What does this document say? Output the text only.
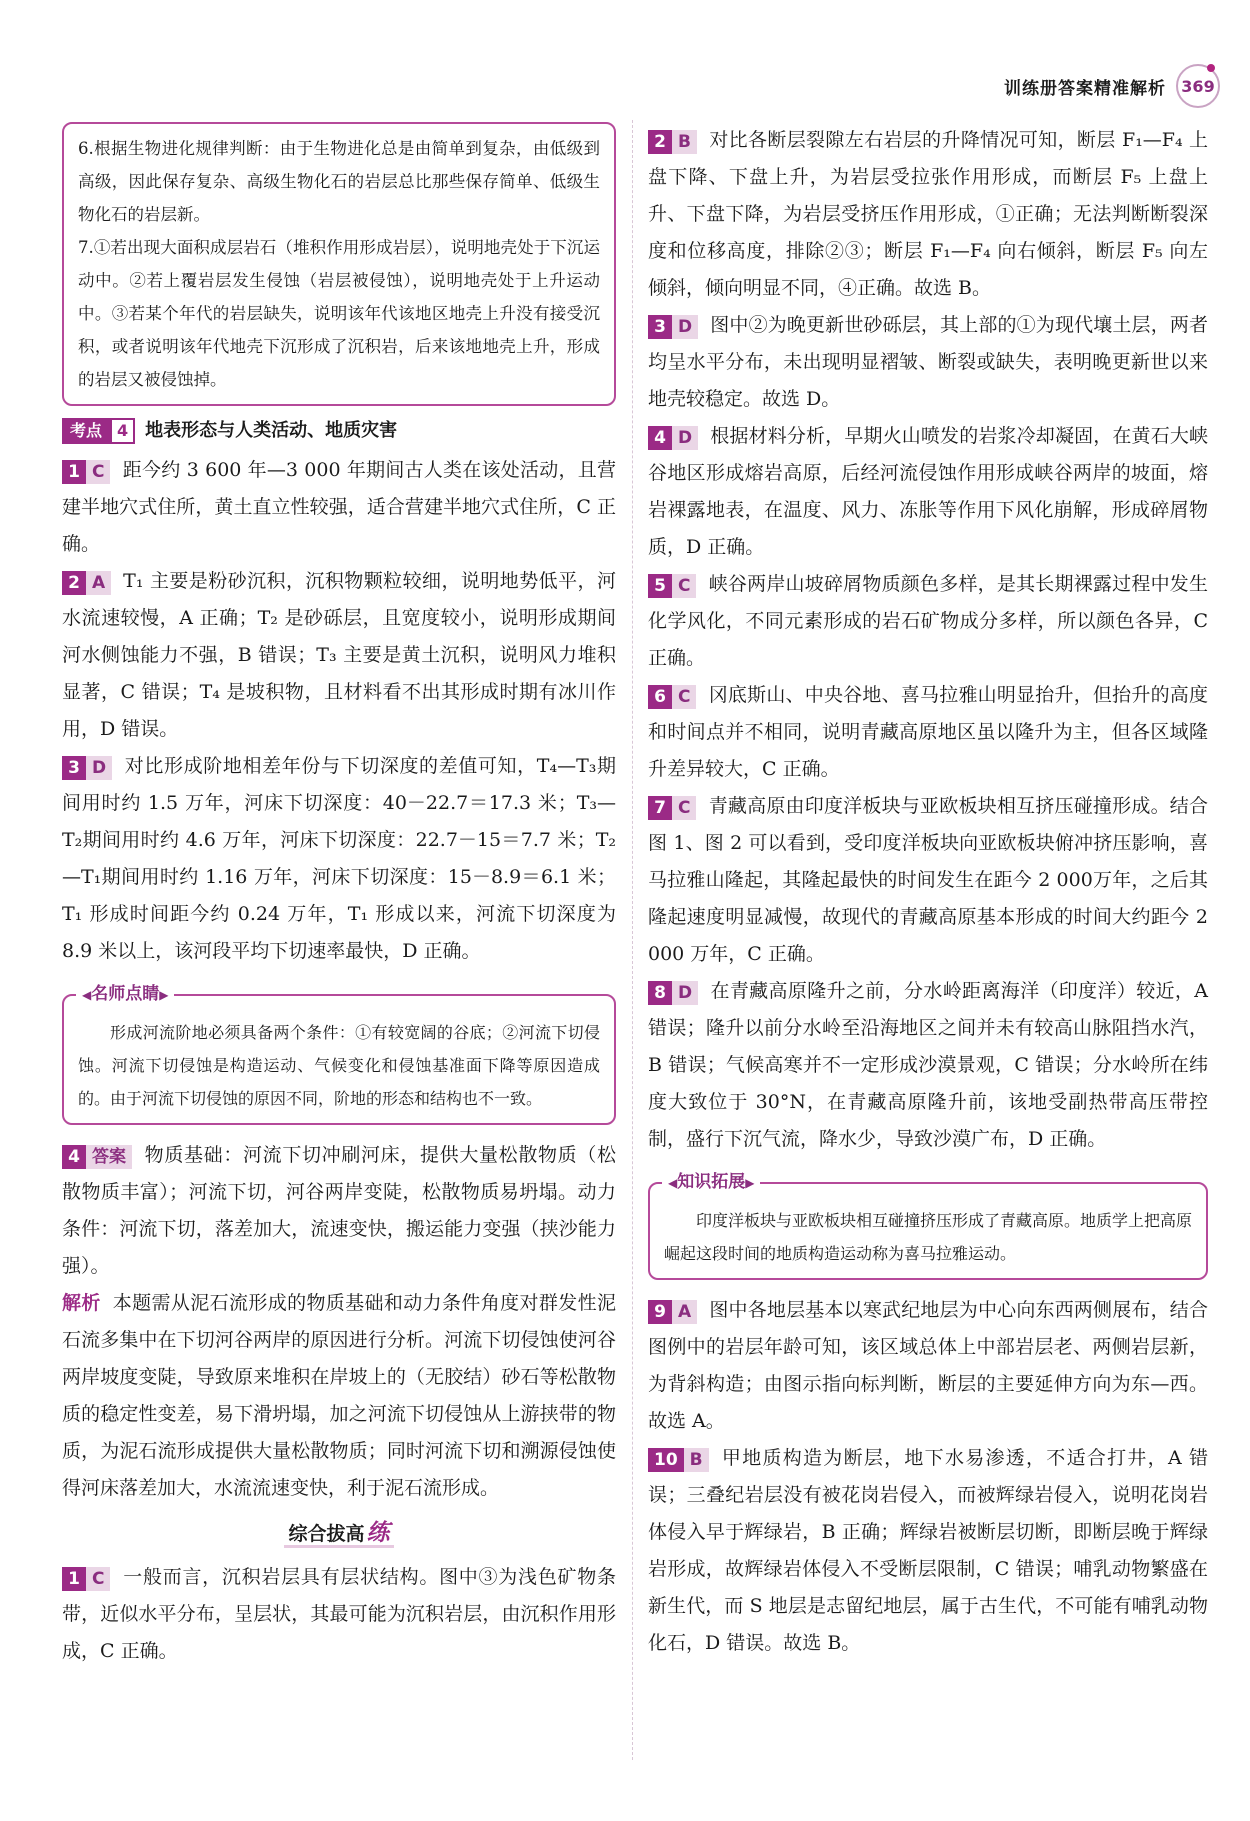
训练册答案精准解析 369

6.根据生物进化规律判断：由于生物进化总是由简单到复杂，由低级到高级，因此保存复杂、高级生物化石的岩层总比那些保存简单、低级生物化石的岩层新。

7.①若出现大面积成层岩石（堆积作用形成岩层），说明地壳处于下沉运动中。②若上覆岩层发生侵蚀（岩层被侵蚀），说明地壳处于上升运动中。③若某个年代的岩层缺失，说明该年代该地区地壳上升没有接受沉积，或者说明该年代地壳下沉形成了沉积岩，后来该地地壳上升，形成的岩层又被侵蚀掉。

考点 4 地表形态与人类活动、地质灾害

1 C 距今约 3 600 年—3 000 年期间古人类在该处活动，且营建半地穴式住所，黄土直立性较强，适合营建半地穴式住所，C 正确。

2 A T₁ 主要是粉砂沉积，沉积物颗粒较细，说明地势低平，河水流速较慢，A 正确；T₂ 是砂砾层，且宽度较小，说明形成期间河水侧蚀能力不强，B 错误；T₃ 主要是黄土沉积，说明风力堆积显著，C 错误；T₄ 是坡积物，且材料看不出其形成时期有冰川作用，D 错误。

3 D 对比形成阶地相差年份与下切深度的差值可知，T₄—T₃期间用时约 1.5 万年，河床下切深度：40－22.7＝17.3 米；T₃—T₂期间用时约 4.6 万年，河床下切深度：22.7－15＝7.7 米；T₂—T₁期间用时约 1.16 万年，河床下切深度：15－8.9＝6.1 米；T₁ 形成时间距今约 0.24 万年，T₁ 形成以来，河流下切深度为 8.9 米以上，该河段平均下切速率最快，D 正确。

◀名师点睛▶

形成河流阶地必须具备两个条件：①有较宽阔的谷底；②河流下切侵蚀。河流下切侵蚀是构造运动、气候变化和侵蚀基准面下降等原因造成的。由于河流下切侵蚀的原因不同，阶地的形态和结构也不一致。

4 答案 物质基础：河流下切冲刷河床，提供大量松散物质（松散物质丰富）；河流下切，河谷两岸变陡，松散物质易坍塌。动力条件：河流下切，落差加大，流速变快，搬运能力变强（挟沙能力强）。

解析 本题需从泥石流形成的物质基础和动力条件角度对群发性泥石流多集中在下切河谷两岸的原因进行分析。河流下切侵蚀使河谷两岸坡度变陡，导致原来堆积在岸坡上的（无胶结）砂石等松散物质的稳定性变差，易下滑坍塌，加之河流下切侵蚀从上游挟带的物质，为泥石流形成提供大量松散物质；同时河流下切和溯源侵蚀使得河床落差加大，水流流速变快，利于泥石流形成。

综合拔高练

1 C 一般而言，沉积岩层具有层状结构。图中③为浅色矿物条带，近似水平分布，呈层状，其最可能为沉积岩层，由沉积作用形成，C 正确。

2 B 对比各断层裂隙左右岩层的升降情况可知，断层 F₁—F₄ 上盘下降、下盘上升，为岩层受拉张作用形成，而断层 F₅ 上盘上升、下盘下降，为岩层受挤压作用形成，①正确；无法判断断裂深度和位移高度，排除②③；断层 F₁—F₄ 向右倾斜，断层 F₅ 向左倾斜，倾向明显不同，④正确。故选 B。

3 D 图中②为晚更新世砂砾层，其上部的①为现代壤土层，两者均呈水平分布，未出现明显褶皱、断裂或缺失，表明晚更新世以来地壳较稳定。故选 D。

4 D 根据材料分析，早期火山喷发的岩浆冷却凝固，在黄石大峡谷地区形成熔岩高原，后经河流侵蚀作用形成峡谷两岸的坡面，熔岩裸露地表，在温度、风力、冻胀等作用下风化崩解，形成碎屑物质，D 正确。

5 C 峡谷两岸山坡碎屑物质颜色多样，是其长期裸露过程中发生化学风化，不同元素形成的岩石矿物成分多样，所以颜色各异，C 正确。

6 C 冈底斯山、中央谷地、喜马拉雅山明显抬升，但抬升的高度和时间点并不相同，说明青藏高原地区虽以隆升为主，但各区域隆升差异较大，C 正确。

7 C 青藏高原由印度洋板块与亚欧板块相互挤压碰撞形成。结合图 1、图 2 可以看到，受印度洋板块向亚欧板块俯冲挤压影响，喜马拉雅山隆起，其隆起最快的时间发生在距今 2 000万年，之后其隆起速度明显减慢，故现代的青藏高原基本形成的时间大约距今 2 000 万年，C 正确。

8 D 在青藏高原隆升之前，分水岭距离海洋（印度洋）较近，A 错误；隆升以前分水岭至沿海地区之间并未有较高山脉阻挡水汽，B 错误；气候高寒并不一定形成沙漠景观，C 错误；分水岭所在纬度大致位于 30°N，在青藏高原隆升前，该地受副热带高压带控制，盛行下沉气流，降水少，导致沙漠广布，D 正确。

◀知识拓展▶

印度洋板块与亚欧板块相互碰撞挤压形成了青藏高原。地质学上把高原崛起这段时间的地质构造运动称为喜马拉雅运动。

9 A 图中各地层基本以寒武纪地层为中心向东西两侧展布，结合图例中的岩层年龄可知，该区域总体上中部岩层老、两侧岩层新，为背斜构造；由图示指向标判断，断层的主要延伸方向为东—西。故选 A。

10 B 甲地质构造为断层，地下水易渗透，不适合打井，A 错误；三叠纪岩层没有被花岗岩侵入，而被辉绿岩侵入，说明花岗岩体侵入早于辉绿岩，B 正确；辉绿岩被断层切断，即断层晚于辉绿岩形成，故辉绿岩体侵入不受断层限制，C 错误；哺乳动物繁盛在新生代，而 S 地层是志留纪地层，属于古生代，不可能有哺乳动物化石，D 错误。故选 B。
